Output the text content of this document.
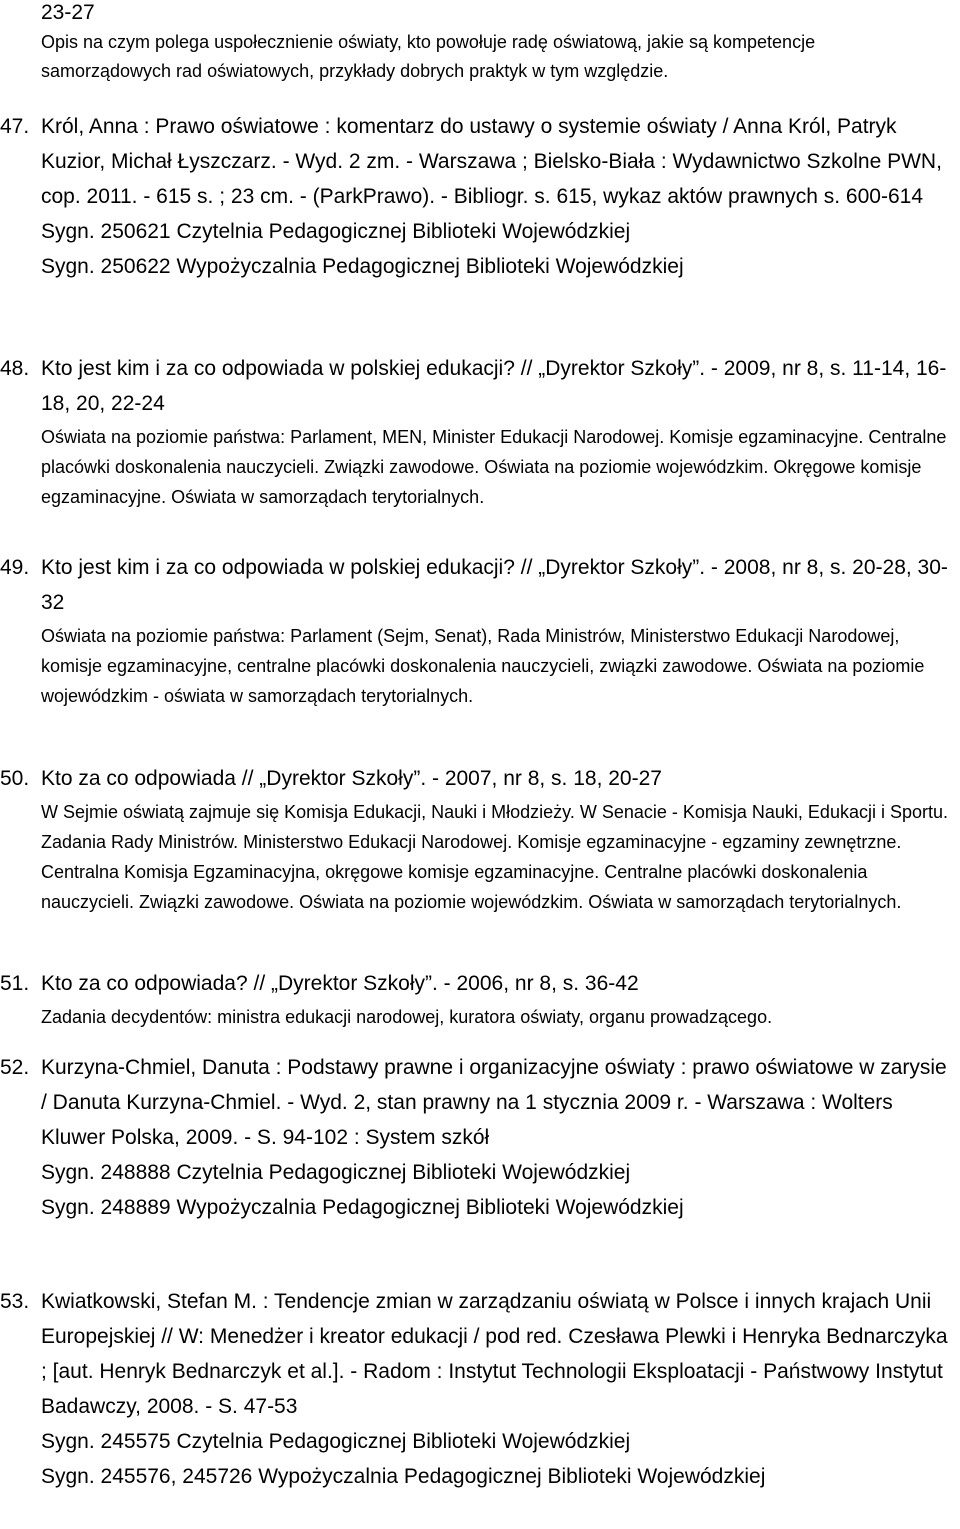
23-27
Opis na czym polega uspołecznienie oświaty, kto powołuje radę oświatową, jakie są kompetencje samorządowych rad oświatowych, przykłady dobrych praktyk w tym względzie.
47. Król, Anna : Prawo oświatowe : komentarz do ustawy o systemie oświaty / Anna Król, Patryk Kuzior, Michał Łyszczarz. - Wyd. 2 zm. - Warszawa ; Bielsko-Biała : Wydawnictwo Szkolne PWN, cop. 2011. - 615 s. ; 23 cm. - (ParkPrawo). - Bibliogr. s. 615, wykaz aktów prawnych s. 600-614
Sygn. 250621 Czytelnia Pedagogicznej Biblioteki Wojewódzkiej
Sygn. 250622 Wypożyczalnia Pedagogicznej Biblioteki Wojewódzkiej
48. Kto jest kim i za co odpowiada w polskiej edukacji? // „Dyrektor Szkoły”. - 2009, nr 8, s. 11-14, 16-18, 20, 22-24
Oświata na poziomie państwa: Parlament, MEN, Minister Edukacji Narodowej. Komisje egzaminacyjne. Centralne placówki doskonalenia nauczycieli. Związki zawodowe. Oświata na poziomie wojewódzkim. Okręgowe komisje egzaminacyjne. Oświata w samorządach terytorialnych.
49. Kto jest kim i za co odpowiada w polskiej edukacji? // „Dyrektor Szkoły”. - 2008, nr 8, s. 20-28, 30-32
Oświata na poziomie państwa: Parlament (Sejm, Senat), Rada Ministrów, Ministerstwo Edukacji Narodowej, komisje egzaminacyjne, centralne placówki doskonalenia nauczycieli, związki zawodowe. Oświata na poziomie wojewódzkim - oświata w samorządach terytorialnych.
50. Kto za co odpowiada // „Dyrektor Szkoły”. - 2007, nr 8, s. 18, 20-27
W Sejmie oświatą zajmuje się Komisja Edukacji, Nauki i Młodzieży. W Senacie - Komisja Nauki, Edukacji i Sportu. Zadania Rady Ministrów. Ministerstwo Edukacji Narodowej. Komisje egzaminacyjne - egzaminy zewnętrzne. Centralna Komisja Egzaminacyjna, okręgowe komisje egzaminacyjne. Centralne placówki doskonalenia nauczycieli. Związki zawodowe. Oświata na poziomie wojewódzkim. Oświata w samorządach terytorialnych.
51. Kto za co odpowiada? // „Dyrektor Szkoły”. - 2006, nr 8, s. 36-42
Zadania decydentów: ministra edukacji narodowej, kuratora oświaty, organu prowadzącego.
52. Kurzyna-Chmiel, Danuta : Podstawy prawne i organizacyjne oświaty : prawo oświatowe w zarysie / Danuta Kurzyna-Chmiel. - Wyd. 2, stan prawny na 1 stycznia 2009 r. - Warszawa : Wolters Kluwer Polska, 2009. - S. 94-102 : System szkół
Sygn. 248888 Czytelnia Pedagogicznej Biblioteki Wojewódzkiej
Sygn. 248889 Wypożyczalnia Pedagogicznej Biblioteki Wojewódzkiej
53. Kwiatkowski, Stefan M. : Tendencje zmian w zarządzaniu oświatą w Polsce i innych krajach Unii Europejskiej // W: Menedżer i kreator edukacji / pod red. Czesława Plewki i Henryka Bednarczyka ; [aut. Henryk Bednarczyk et al.]. - Radom : Instytut Technologii Eksploatacji - Państwowy Instytut Badawczy, 2008. - S. 47-53
Sygn. 245575 Czytelnia Pedagogicznej Biblioteki Wojewódzkiej
Sygn. 245576, 245726 Wypożyczalnia Pedagogicznej Biblioteki Wojewódzkiej
